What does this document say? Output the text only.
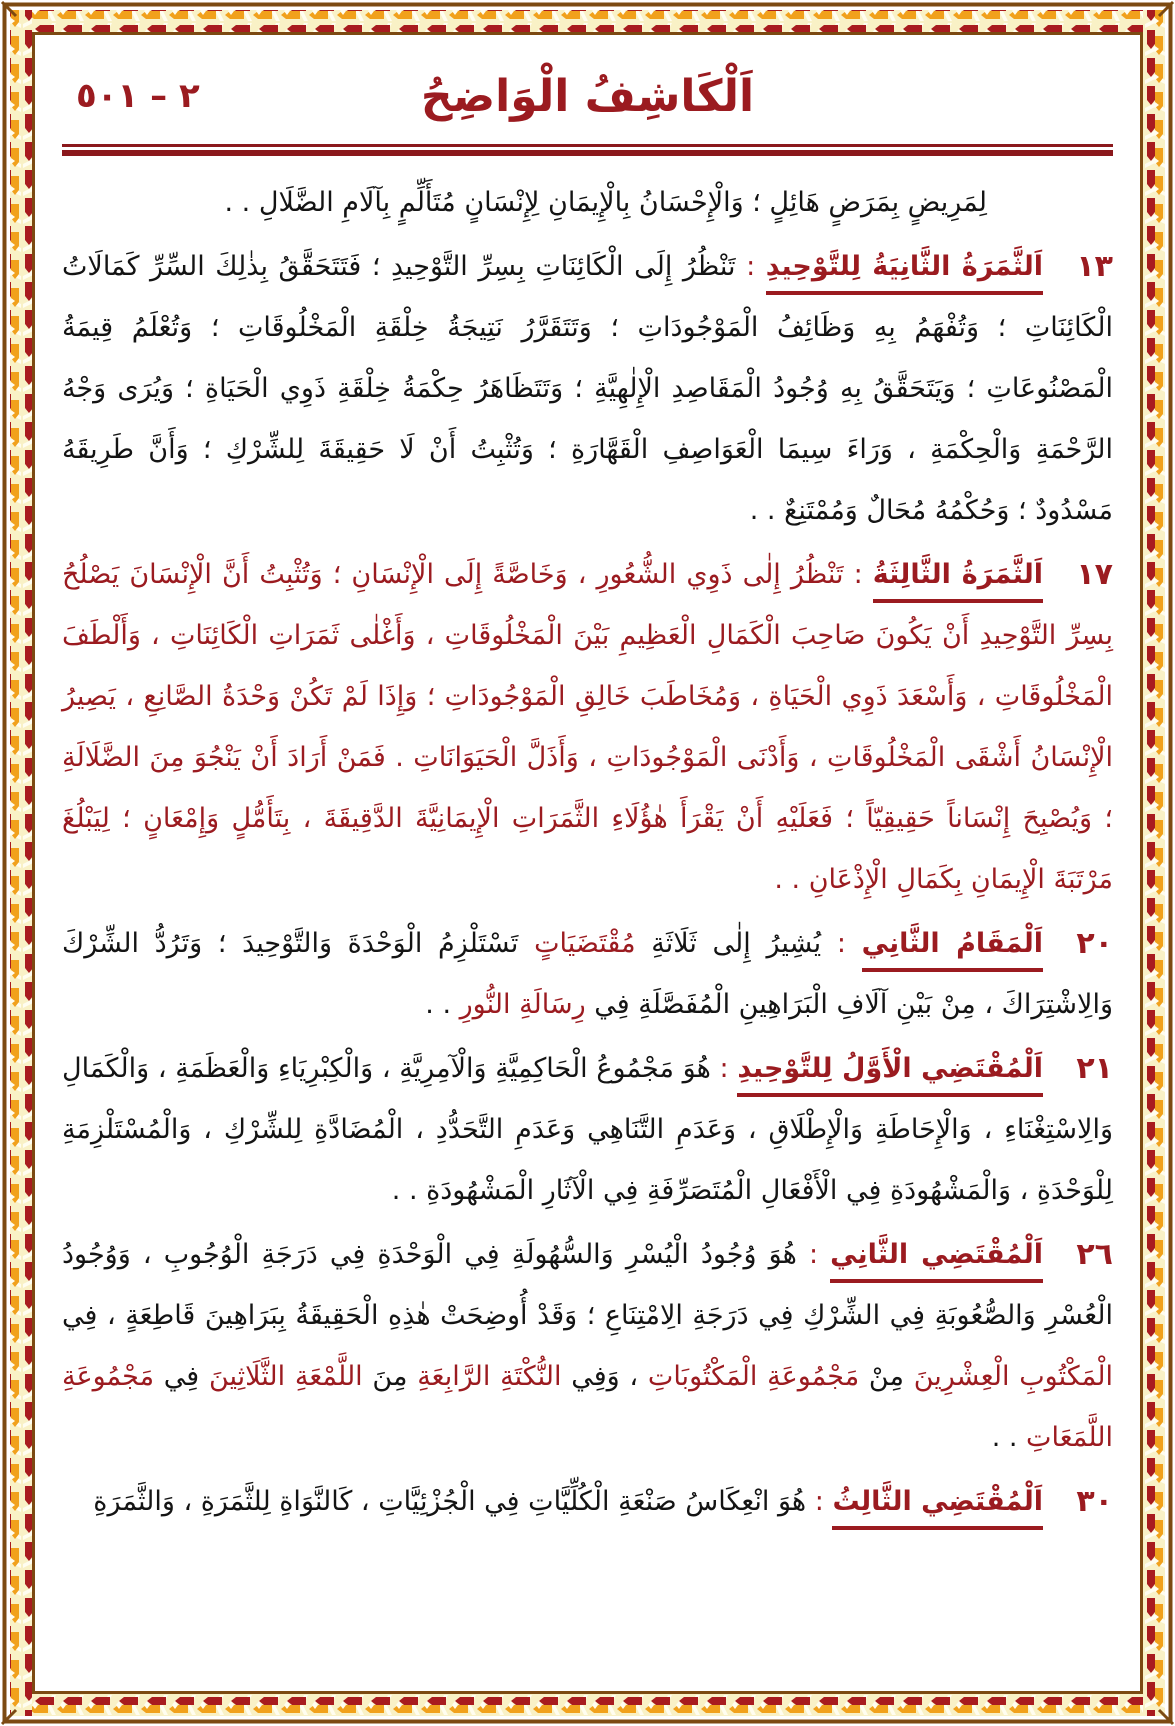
اَلْكَاشِفُ الْوَاضِحُ
٢ – ٥٠١
لِمَرِيضٍ بِمَرَضٍ هَائِلٍ ؛ وَالْإِحْسَانُ بِالْإِيمَانِ لِإِنْسَانٍ مُتَأَلِّمٍ بِآلَامِ الضَّلَالِ . .
١٣
اَلثَّمَرَةُ الثَّانِيَةُ لِلتَّوْحِيدِ : تَنْظُرُ إِلَى الْكَائِنَاتِ بِسِرِّ التَّوْحِيدِ ؛ فَتَتَحَقَّقُ بِذٰلِكَ السِّرِّ كَمَالَاتُ الْكَائِنَاتِ ؛ وَتُفْهَمُ بِهِ وَظَائِفُ الْمَوْجُودَاتِ ؛ وَتَتَقَرَّرُ نَتِيجَةُ خِلْقَةِ الْمَخْلُوقَاتِ ؛ وَتُعْلَمُ قِيمَةُ الْمَصْنُوعَاتِ ؛ وَيَتَحَقَّقُ بِهِ وُجُودُ الْمَقَاصِدِ الْإِلٰهِيَّةِ ؛ وَتَتَظَاهَرُ حِكْمَةُ خِلْقَةِ ذَوِي الْحَيَاةِ ؛ وَيُرَى وَجْهُ الرَّحْمَةِ وَالْحِكْمَةِ ، وَرَاءَ سِيمَا الْعَوَاصِفِ الْقَهَّارَةِ ؛ وَتُثْبِتُ أَنْ لَا حَقِيقَةَ لِلشِّرْكِ ؛ وَأَنَّ طَرِيقَهُ مَسْدُودٌ ؛ وَحُكْمُهُ مُحَالٌ وَمُمْتَنِعٌ . .
١٧
اَلثَّمَرَةُ الثَّالِثَةُ : تَنْظُرُ إِلٰى ذَوِي الشُّعُورِ ، وَخَاصَّةً إِلَى الْإِنْسَانِ ؛ وَتُثْبِتُ أَنَّ الْإِنْسَانَ يَصْلُحُ بِسِرِّ التَّوْحِيدِ أَنْ يَكُونَ صَاحِبَ الْكَمَالِ الْعَظِيمِ بَيْنَ الْمَخْلُوقَاتِ ، وَأَغْلٰى ثَمَرَاتِ الْكَائِنَاتِ ، وَأَلْطَفَ الْمَخْلُوقَاتِ ، وَأَسْعَدَ ذَوِي الْحَيَاةِ ، وَمُخَاطَبَ خَالِقِ الْمَوْجُودَاتِ ؛ وَإِذَا لَمْ تَكُنْ وَحْدَةُ الصَّانِعِ ، يَصِيرُ الْإِنْسَانُ أَشْقَى الْمَخْلُوقَاتِ ، وَأَدْنَى الْمَوْجُودَاتِ ، وَأَذَلَّ الْحَيَوَانَاتِ . فَمَنْ أَرَادَ أَنْ يَنْجُوَ مِنَ الضَّلَالَةِ ؛ وَيُصْبِحَ إِنْسَاناً حَقِيقِيّاً ؛ فَعَلَيْهِ أَنْ يَقْرَأَ هٰؤُلَاءِ الثَّمَرَاتِ الْإِيمَانِيَّةَ الدَّقِيقَةَ ، بِتَأَمُّلٍ وَإِمْعَانٍ ؛ لِيَبْلُغَ مَرْتَبَةَ الْإِيمَانِ بِكَمَالِ الْإِذْعَانِ . .
٢٠
اَلْمَقَامُ الثَّانِي : يُشِيرُ إِلٰى ثَلَاثَةِ مُقْتَضَيَاتٍ تَسْتَلْزِمُ الْوَحْدَةَ وَالتَّوْحِيدَ ؛ وَتَرُدُّ الشِّرْكَ وَالِاشْتِرَاكَ ، مِنْ بَيْنِ آلَافِ الْبَرَاهِينِ الْمُفَصَّلَةِ فِي رِسَالَةِ النُّورِ . .
٢١
اَلْمُقْتَضِي الْأَوَّلُ لِلتَّوْحِيدِ : هُوَ مَجْمُوعُ الْحَاكِمِيَّةِ وَالْآمِرِيَّةِ ، وَالْكِبْرِيَاءِ وَالْعَظَمَةِ ، وَالْكَمَالِ وَالِاسْتِغْنَاءِ ، وَالْإِحَاطَةِ وَالْإِطْلَاقِ ، وَعَدَمِ التَّنَاهِي وَعَدَمِ التَّحَدُّدِ ، الْمُضَادَّةِ لِلشِّرْكِ ، وَالْمُسْتَلْزِمَةِ لِلْوَحْدَةِ ، وَالْمَشْهُودَةِ فِي الْأَفْعَالِ الْمُتَصَرِّفَةِ فِي الْآثَارِ الْمَشْهُودَةِ . .
٢٦
اَلْمُقْتَضِي الثَّانِي : هُوَ وُجُودُ الْيُسْرِ وَالسُّهُولَةِ فِي الْوَحْدَةِ فِي دَرَجَةِ الْوُجُوبِ ، وَوُجُودُ الْعُسْرِ وَالصُّعُوبَةِ فِي الشِّرْكِ فِي دَرَجَةِ الِامْتِنَاعِ ؛ وَقَدْ أُوضِحَتْ هٰذِهِ الْحَقِيقَةُ بِبَرَاهِينَ قَاطِعَةٍ ، فِي الْمَكْتُوبِ الْعِشْرِينَ مِنْ مَجْمُوعَةِ الْمَكْتُوبَاتِ ، وَفِي النُّكْتَةِ الرَّابِعَةِ مِنَ اللَّمْعَةِ الثَّلَاثِينَ فِي مَجْمُوعَةِ اللَّمَعَاتِ . .
٣٠
اَلْمُقْتَضِي الثَّالِثُ : هُوَ انْعِكَاسُ صَنْعَةِ الْكُلِّيَّاتِ فِي الْجُزْئِيَّاتِ ، كَالنَّوَاةِ لِلثَّمَرَةِ ، وَالثَّمَرَةِ
